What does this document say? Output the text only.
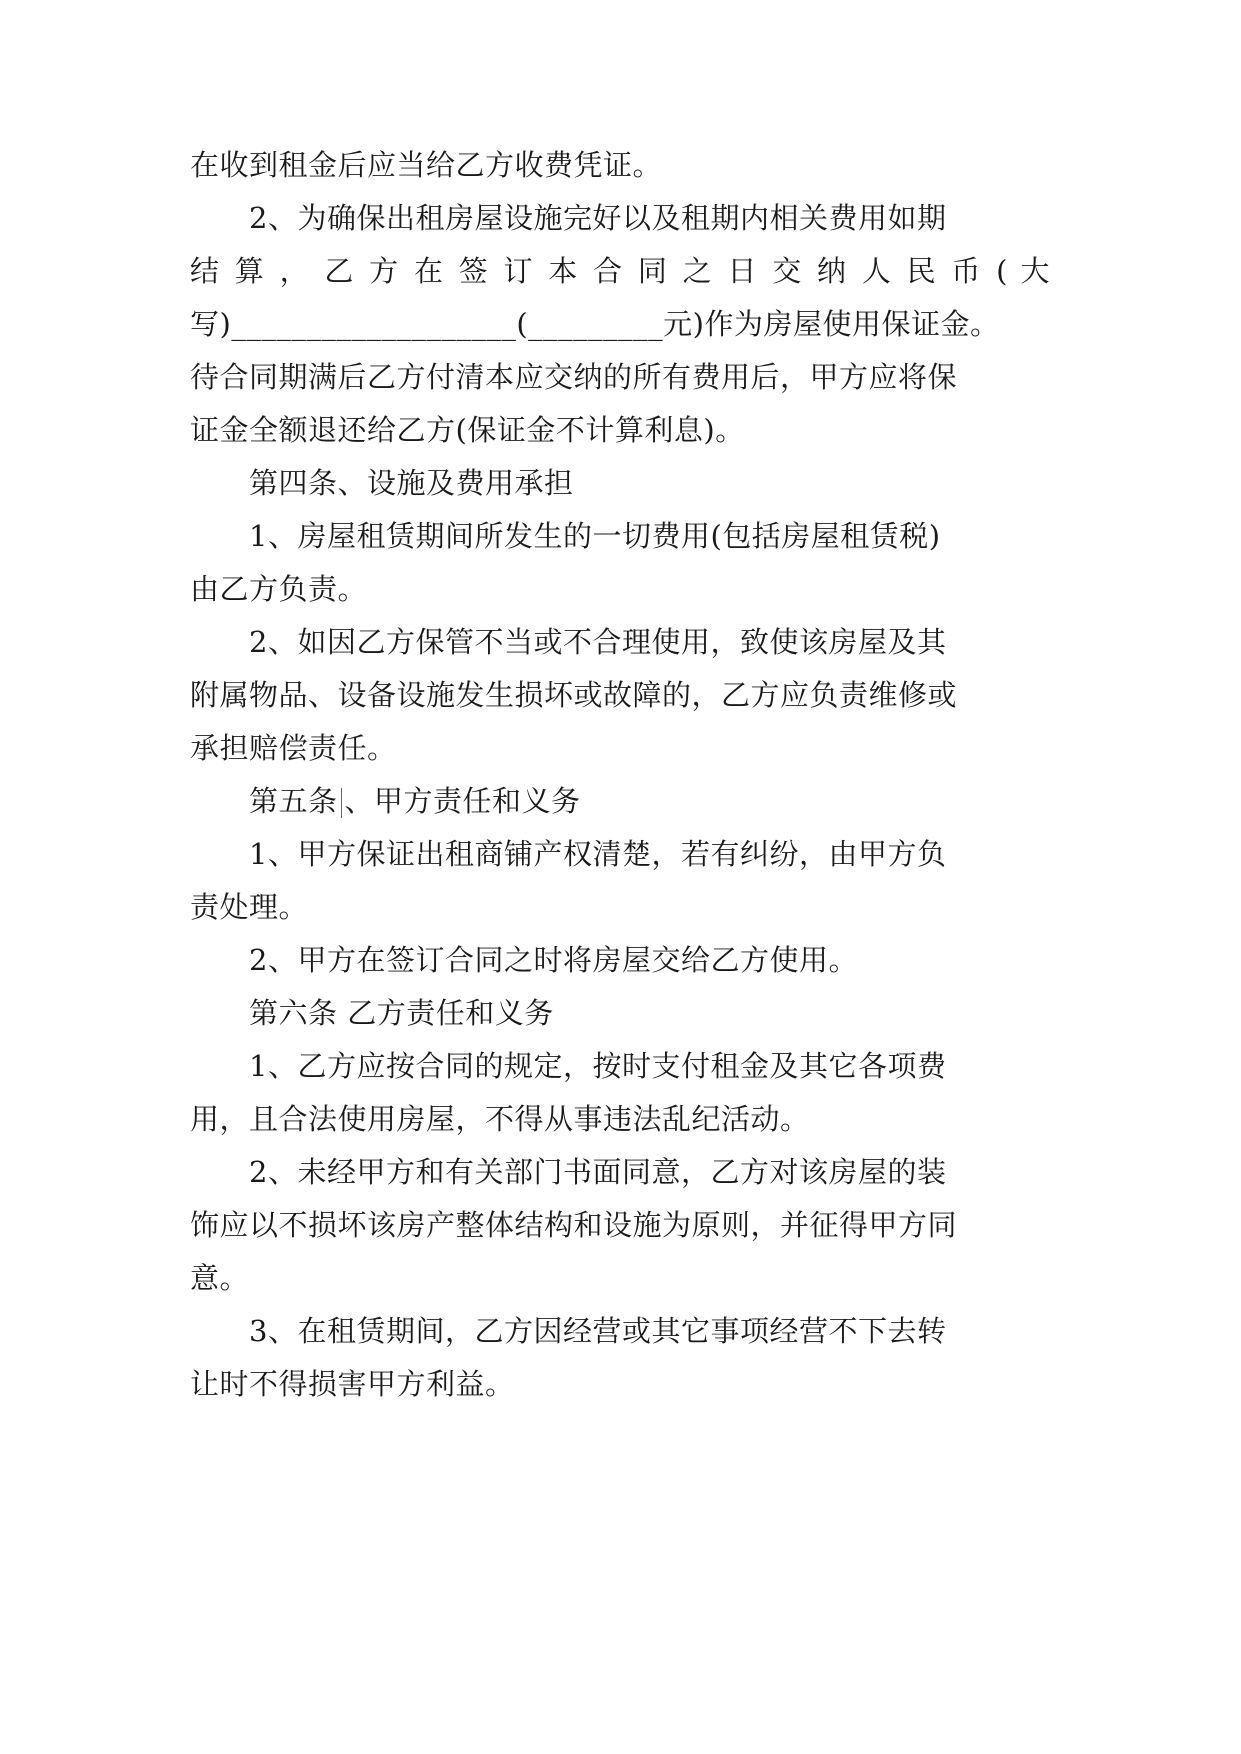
在收到租金后应当给乙方收费凭证。
　　2、为确保出租房屋设施完好以及租期内相关费用如期
结 算 ， 乙 方 在 签 订 本 合 同 之 日 交 纳 人 民 币 ( 大
写)___________________(_________元)作为房屋使用保证金。
待合同期满后乙方付清本应交纳的所有费用后，甲方应将保
证金全额退还给乙方(保证金不计算利息)。
　　第四条、设施及费用承担
　　1、房屋租赁期间所发生的一切费用(包括房屋租赁税)
由乙方负责。
　　2、如因乙方保管不当或不合理使用，致使该房屋及其
附属物品、设备设施发生损坏或故障的，乙方应负责维修或
承担赔偿责任。
　　第五条 、甲方责任和义务
　　1、甲方保证出租商铺产权清楚，若有纠纷，由甲方负
责处理。
　　2、甲方在签订合同之时将房屋交给乙方使用。
　　第六条 乙方责任和义务
　　1、乙方应按合同的规定，按时支付租金及其它各项费
用，且合法使用房屋，不得从事违法乱纪活动。
　　2、未经甲方和有关部门书面同意，乙方对该房屋的装
饰应以不损坏该房产整体结构和设施为原则，并征得甲方同
意。
　　3、在租赁期间，乙方因经营或其它事项经营不下去转
让时不得损害甲方利益。
